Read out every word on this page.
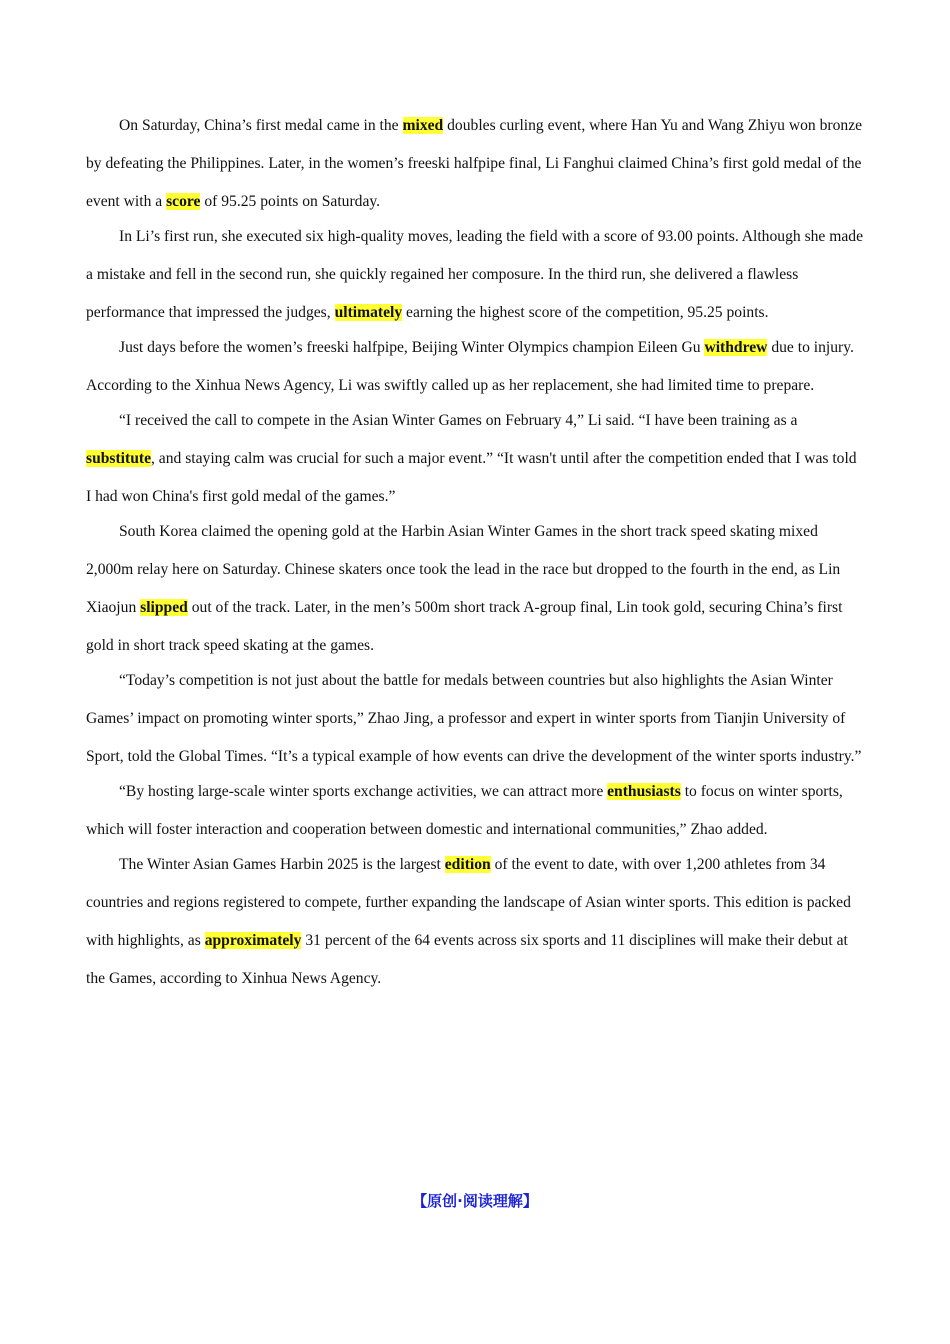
On Saturday, China’s first medal came in the mixed doubles curling event, where Han Yu and Wang Zhiyu won bronze by defeating the Philippines. Later, in the women’s freeski halfpipe final, Li Fanghui claimed China’s first gold medal of the event with a score of 95.25 points on Saturday.

In Li’s first run, she executed six high-quality moves, leading the field with a score of 93.00 points. Although she made a mistake and fell in the second run, she quickly regained her composure. In the third run, she delivered a flawless performance that impressed the judges, ultimately earning the highest score of the competition, 95.25 points.

Just days before the women’s freeski halfpipe, Beijing Winter Olympics champion Eileen Gu withdrew due to injury. According to the Xinhua News Agency, Li was swiftly called up as her replacement, she had limited time to prepare.

“I received the call to compete in the Asian Winter Games on February 4,” Li said. “I have been training as a substitute, and staying calm was crucial for such a major event.” “It wasn't until after the competition ended that I was told I had won China's first gold medal of the games.”

South Korea claimed the opening gold at the Harbin Asian Winter Games in the short track speed skating mixed 2,000m relay here on Saturday. Chinese skaters once took the lead in the race but dropped to the fourth in the end, as Lin Xiaojun slipped out of the track. Later, in the men’s 500m short track A-group final, Lin took gold, securing China’s first gold in short track speed skating at the games.

“Today’s competition is not just about the battle for medals between countries but also highlights the Asian Winter Games’ impact on promoting winter sports,” Zhao Jing, a professor and expert in winter sports from Tianjin University of Sport, told the Global Times. “It’s a typical example of how events can drive the development of the winter sports industry.”

“By hosting large-scale winter sports exchange activities, we can attract more enthusiasts to focus on winter sports, which will foster interaction and cooperation between domestic and international communities,” Zhao added.

The Winter Asian Games Harbin 2025 is the largest edition of the event to date, with over 1,200 athletes from 34 countries and regions registered to compete, further expanding the landscape of Asian winter sports. This edition is packed with highlights, as approximately 31 percent of the 64 events across six sports and 11 disciplines will make their debut at the Games, according to Xinhua News Agency.

【原创·阅读理解】
